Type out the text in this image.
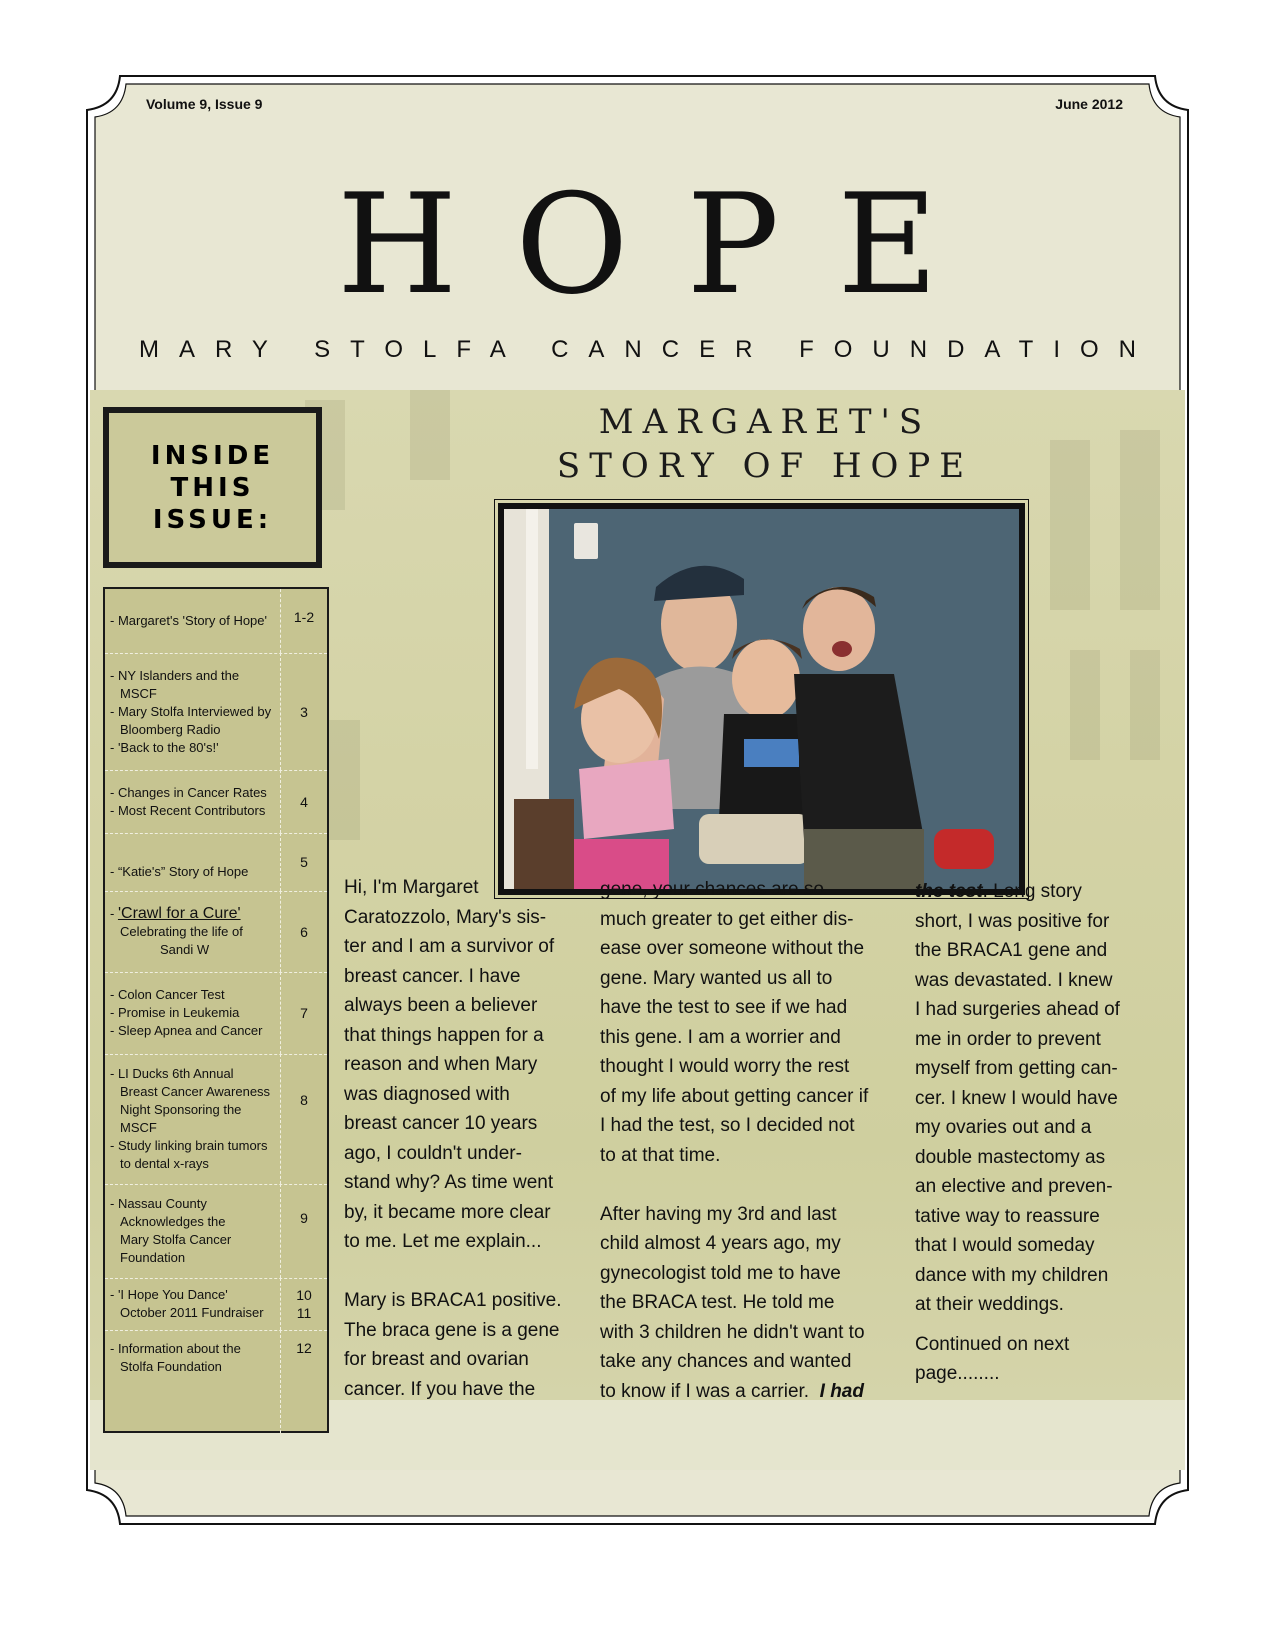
Volume 9, Issue 9	June 2012
HOPE
MARY STOLFA CANCER FOUNDATION
INSIDE
THIS
ISSUE:
- Margaret's 'Story of Hope'	1-2
- NY Islanders and the
MSCF
- Mary Stolfa Interviewed by
Bloomberg Radio
- 'Back to the 80's!'
3
- Changes in Cancer Rates
- Most Recent Contributors
4
- “Katie's” Story of Hope
5
- 'Crawl for a Cure'
Celebrating the life of
Sandi W
6
- Colon Cancer Test
- Promise in Leukemia
- Sleep Apnea and Cancer
7
- LI Ducks 6th Annual
Breast Cancer Awareness
Night Sponsoring the
MSCF
- Study linking brain tumors
to dental x-rays
8
- Nassau County
Acknowledges the
Mary Stolfa Cancer
Foundation
9
- 'I Hope You Dance'
October 2011 Fundraiser
10
11
- Information about the
Stolfa Foundation
12
MARGARET'S
STORY OF HOPE

Hi, I'm Margaret
Caratozzolo, Mary's sis-
ter and I am a survivor of
breast cancer. I have
always been a believer
that things happen for a
reason and when Mary
was diagnosed with
breast cancer 10 years
ago, I couldn't under-
stand why? As time went
by, it became more clear
to me. Let me explain...

Mary is BRACA1 positive.
The braca gene is a gene
for breast and ovarian
cancer. If you have the

gene, your chances are so
much greater to get either dis-
ease over someone without the
gene. Mary wanted us all to
have the test to see if we had
this gene. I am a worrier and
thought I would worry the rest
of my life about getting cancer if
I had the test, so I decided not
to at that time.

After having my 3rd and last
child almost 4 years ago, my
gynecologist told me to have
the BRACA test. He told me
with 3 children he didn't want to
take any chances and wanted
to know if I was a carrier. I had

the test. Long story
short, I was positive for
the BRACA1 gene and
was devastated. I knew
I had surgeries ahead of
me in order to prevent
myself from getting can-
cer. I knew I would have
my ovaries out and a
double mastectomy as
an elective and preven-
tative way to reassure
that I would someday
dance with my children
at their weddings.

Continued on next
page........
